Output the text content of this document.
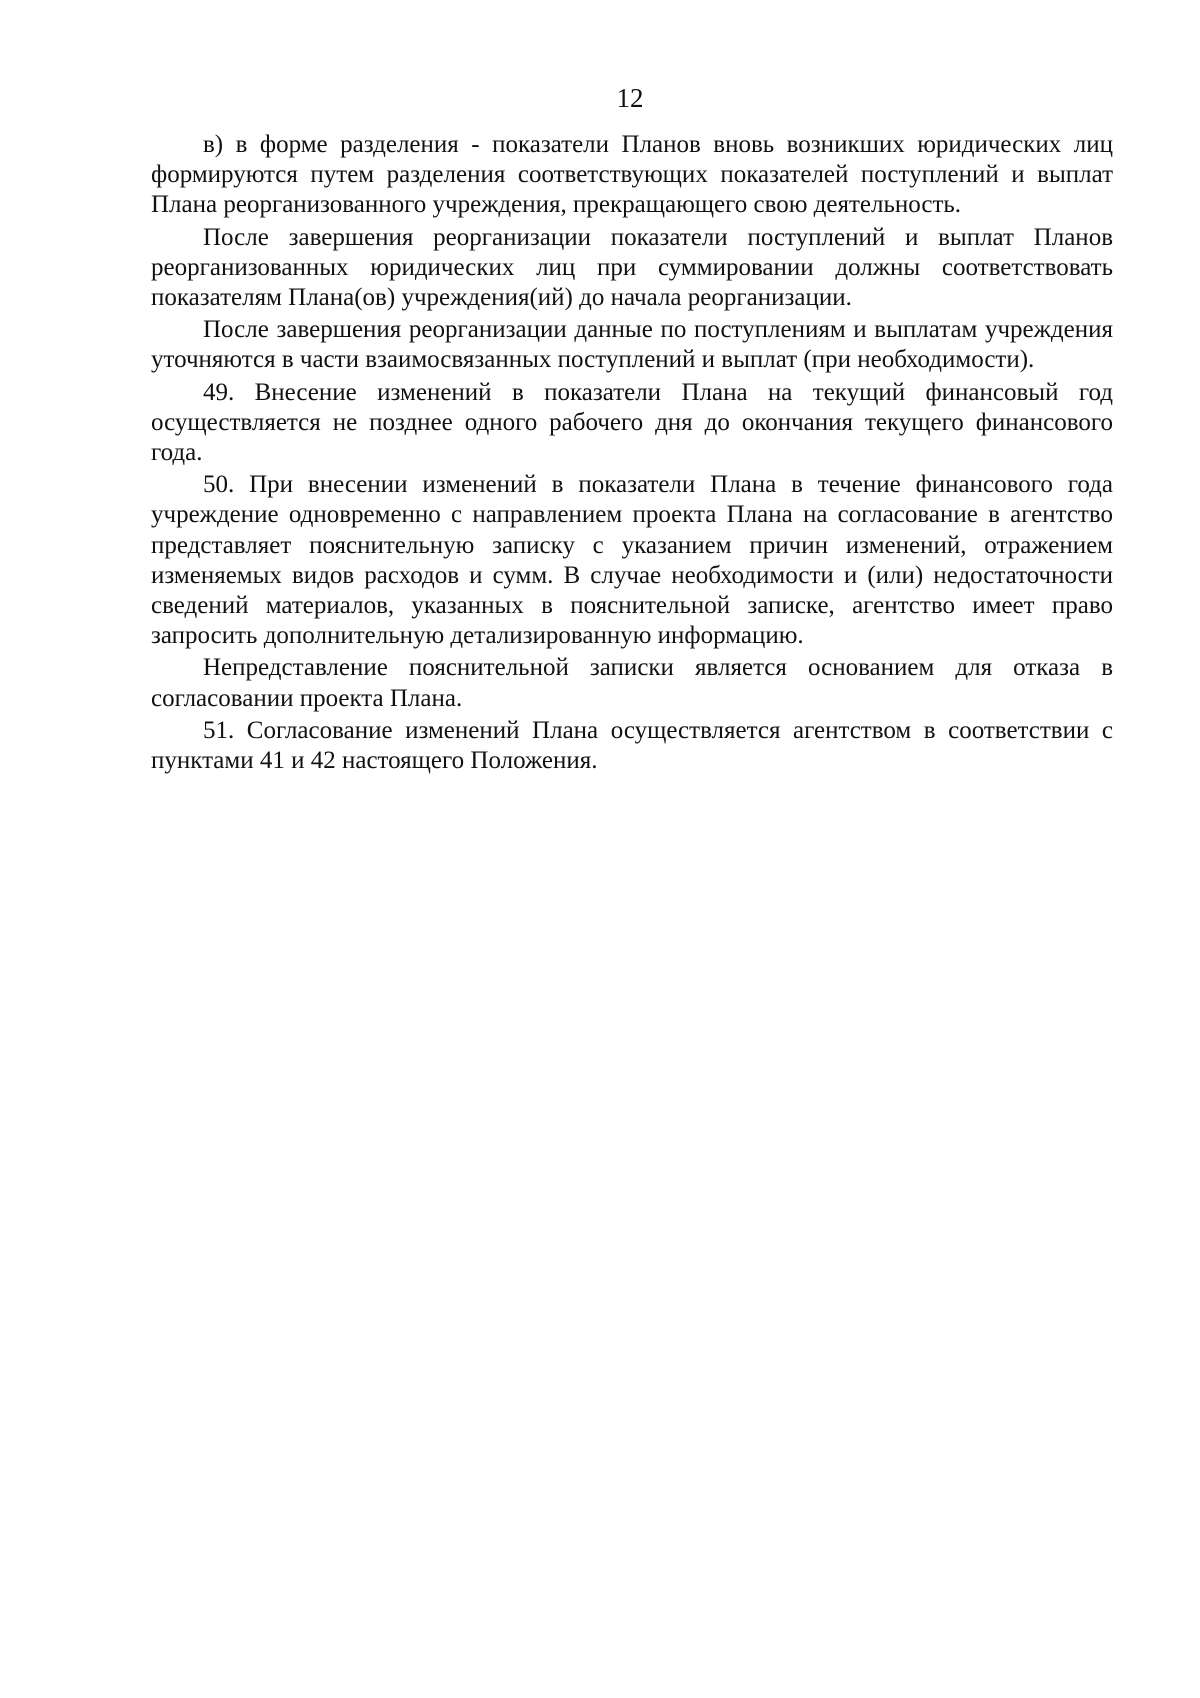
12

в) в форме разделения - показатели Планов вновь возникших юридических лиц формируются путем разделения соответствующих показателей поступлений и выплат Плана реорганизованного учреждения, прекращающего свою деятельность.

После завершения реорганизации показатели поступлений и выплат Планов реорганизованных юридических лиц при суммировании должны соответствовать показателям Плана(ов) учреждения(ий) до начала реорганизации.

После завершения реорганизации данные по поступлениям и выплатам учреждения уточняются в части взаимосвязанных поступлений и выплат (при необходимости).

49. Внесение изменений в показатели Плана на текущий финансовый год осуществляется не позднее одного рабочего дня до окончания текущего финансового года.

50. При внесении изменений в показатели Плана в течение финансового года учреждение одновременно с направлением проекта Плана на согласование в агентство представляет пояснительную записку с указанием причин изменений, отражением изменяемых видов расходов и сумм. В случае необходимости и (или) недостаточности сведений материалов, указанных в пояснительной записке, агентство имеет право запросить дополнительную детализированную информацию.

Непредставление пояснительной записки является основанием для отказа в согласовании проекта Плана.

51. Согласование изменений Плана осуществляется агентством в соответствии с пунктами 41 и 42 настоящего Положения.
